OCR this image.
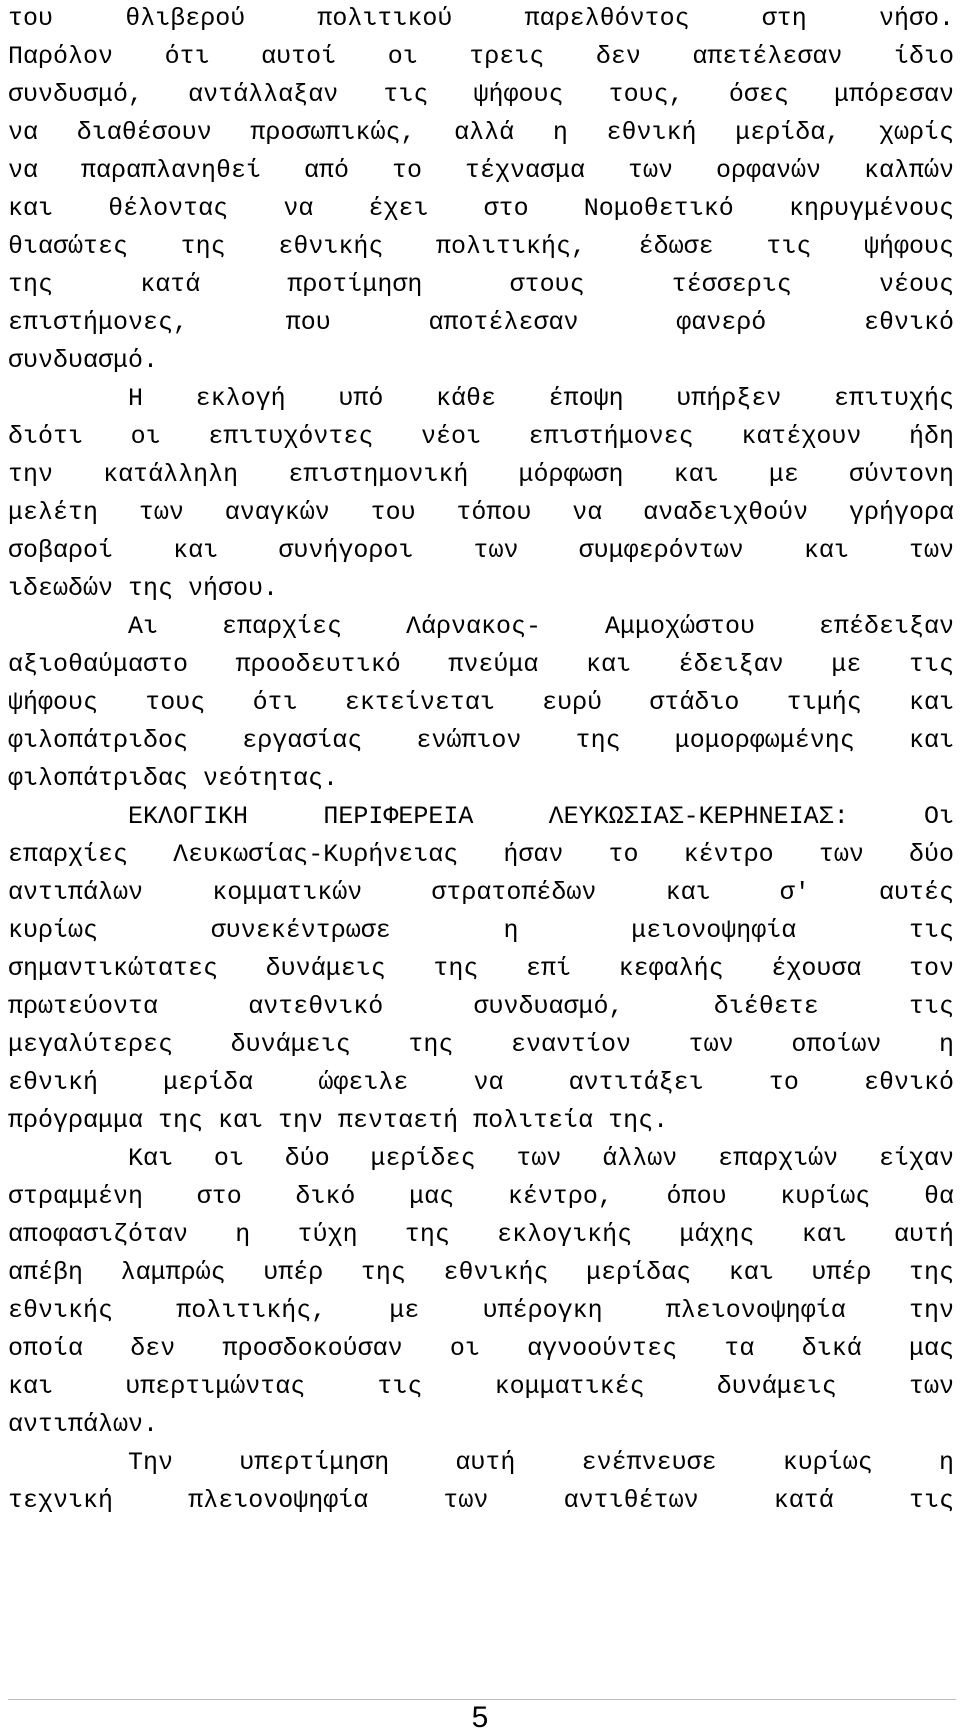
του θλιβερού πολιτικού παρελθόντος στη νήσο.
Παρόλον ότι αυτοί οι τρεις δεν απετέλεσαν ίδιο
συνδυσμό, αντάλλαξαν τις ψήφους τους, όσες μπόρεσαν
να διαθέσουν προσωπικώς, αλλά η εθνική μερίδα, χωρίς
να παραπλανηθεί από το τέχνασμα των ορφανών καλπών
και θέλοντας να έχει στο Νομοθετικό κηρυγμένους
θιασώτες της εθνικής πολιτικής, έδωσε τις ψήφους
της κατά προτίμηση στους τέσσερις νέους
επιστήμονες, που αποτέλεσαν φανερό εθνικό
συνδυασμό.
Η εκλογή υπό κάθε έποψη υπήρξεν επιτυχής
διότι οι επιτυχόντες νέοι επιστήμονες κατέχουν ήδη
την κατάλληλη επιστημονική μόρφωση και με σύντονη
μελέτη των αναγκών του τόπου να αναδειχθούν γρήγορα
σοβαροί και συνήγοροι των συμφερόντων και των
ιδεωδών της νήσου.
Αι επαρχίες Λάρνακος- Αμμοχώστου επέδειξαν
αξιοθαύμαστο προοδευτικό πνεύμα και έδειξαν με τις
ψήφους τους ότι εκτείνεται ευρύ στάδιο τιμής και
φιλοπάτριδος εργασίας ενώπιον της μομορφωμένης και
φιλοπάτριδας νεότητας.
ΕΚΛΟΓΙΚΗ ΠΕΡΙΦΕΡΕΙΑ ΛΕΥΚΩΣΙΑΣ-ΚΕΡΗΝΕΙΑΣ: Οι
επαρχίες Λευκωσίας-Κυρήνειας ήσαν το κέντρο των δύο
αντιπάλων κομματικών στρατοπέδων και σ' αυτές
κυρίως συνεκέντρωσε η μειονοψηφία τις
σημαντικώτατες δυνάμεις της επί κεφαλής έχουσα τον
πρωτεύοντα αντεθνικό συνδυασμό, διέθετε τις
μεγαλύτερες δυνάμεις της εναντίον των οποίων η
εθνική μερίδα ώφειλε να αντιτάξει το εθνικό
πρόγραμμα της και την πενταετή πολιτεία της.
Και οι δύο μερίδες των άλλων επαρχιών είχαν
στραμμένη στο δικό μας κέντρο, όπου κυρίως θα
αποφασιζόταν η τύχη της εκλογικής μάχης και αυτή
απέβη λαμπρώς υπέρ της εθνικής μερίδας και υπέρ της
εθνικής πολιτικής, με υπέρογκη πλειονοψηφία την
οποία δεν προσδοκούσαν οι αγνοούντες τα δικά μας
και υπερτιμώντας τις κομματικές δυνάμεις των
αντιπάλων.
Την υπερτίμηση αυτή ενέπνευσε κυρίως η
τεχνική πλειονοψηφία των αντιθέτων κατά τις
5
